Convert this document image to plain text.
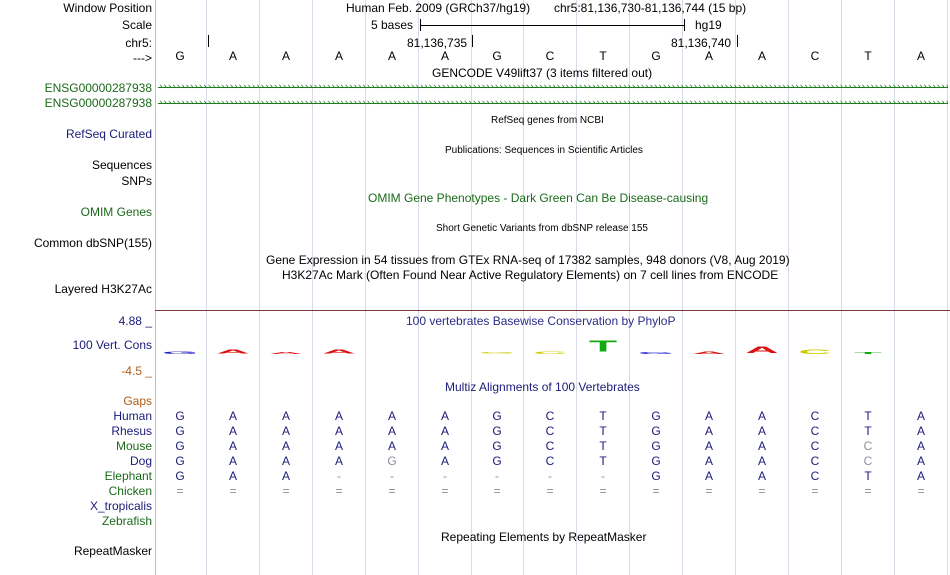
Window Position	Human Feb. 2009 (GRCh37/hg19) chr5:81,136,730-81,136,744 (15 bp)
Scale	5 bases	hg19
chr5:	81,136,735	81,136,740
--->	G	A	A	A	A	A	G	C	T	G	A	A	C	T	A
GENCODE V49lift37 (3 items filtered out)
ENSG00000287938
›››››››››››››››››››››››››››››››››››››››››››››››››››››››››››››››››››››››››››››››››››››››››››››››››››››››››››››››››››››››››››››››››››››››››››››››››››››››››››››››››››››››››››››››››››››››››››››››››››››››››››››››
ENSG00000287938
›››››››››››››››››››››››››››››››››››››››››››››››››››››››››››››››››››››››››››››››››››››››››››››››››››››››››››››››››››››››››››››››››››››››››››››››››››››››››››››››››››››››››››››››››››››››››››››››››››››››››››››››
RefSeq genes from NCBI
RefSeq Curated
Publications: Sequences in Scientific Articles
Sequences
SNPs
OMIM Gene Phenotypes - Dark Green Can Be Disease-causing
OMIM Genes
Short Genetic Variants from dbSNP release 155
Common dbSNP(155)
Gene Expression in 54 tissues from GTEx RNA-seq of 17382 samples, 948 donors (V8, Aug 2019)
H3K27Ac Mark (Often Found Near Active Regulatory Elements) on 7 cell lines from ENCODE
Layered H3K27Ac
4.88 _	100 vertebrates Basewise Conservation by PhyloP
100 Vert. Cons
G A A A	G C	T	G A A C	T
-4.5 _
Multiz Alignments of 100 Vertebrates
Gaps
Human	G	A	A	A	A	A	G	C	T	G	A	A	C	T	A
Rhesus	G	A	A	A	A	A	G	C	T	G	A	A	C	T	A
Mouse	G	A	A	A	A	A	G	C	T	G	A	A	C	C	A
Dog	G	A	A	A	G	A	G	C	T	G	A	A	C	C	A
Elephant	G	A	A	-	-	-	-	-	-	G	A	A	C	T	A
Chicken	=	=	=	=	=	=	=	=	=	=	=	=	=	=	=
X_tropicalis
Zebrafish
Repeating Elements by RepeatMasker
RepeatMasker
